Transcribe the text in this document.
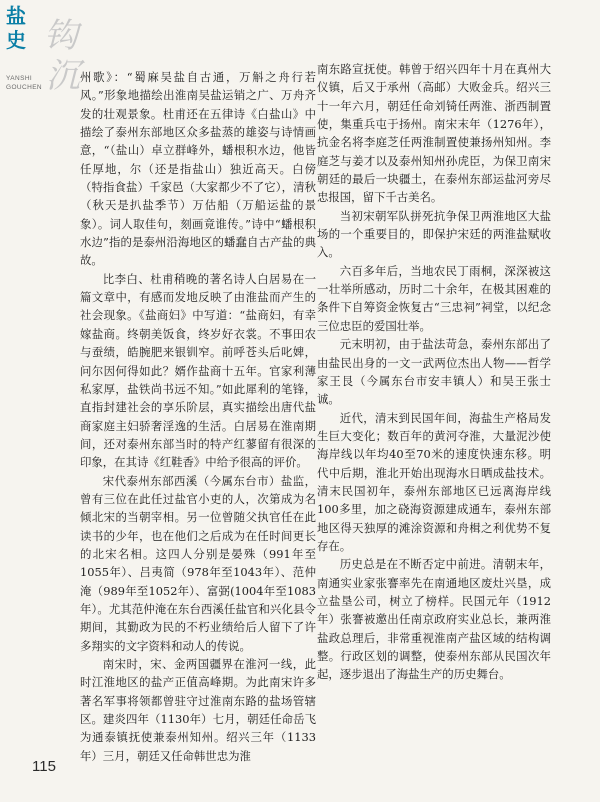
盐史 钩
沉
YANSHI
GOUCHEN

州歌》：“蜀麻吴盐自古通，万斛之舟行若风。”形象地描绘出淮南吴盐运销之广、万舟齐发的壮观景象。杜甫还在五律诗《白盐山》中描绘了泰州东部地区众多盐蒸的雄姿与诗情画意，“（盐山）卓立群峰外，蟠根积水边，他皆任厚地，尔（还是指盐山）独近高天。白傍（特指食盐）千家邑（大家都少不了它），清秋（秋天是扒盐季节）万估船（万船运盐的景象）。词人取佳句，刻画竟谁传。”诗中“蟠根积水边”指的是泰州沿海地区的蟠蠢自古产盐的典故。

比李白、杜甫稍晚的著名诗人白居易在一篇文章中，有感而发地反映了由淮盐而产生的社会现象。《盐商妇》中写道：“盐商妇，有幸嫁盐商。终朝美饭食，终岁好衣裳。不事田农与蚕绩，皓腕肥来银钏窄。前呼苍头后叱婢，问尔因何得如此？婿作盐商十五年。官家利薄私家厚，盐铁尚书远不知。”如此犀利的笔锋，直指封建社会的享乐阶层，真实描绘出唐代盐商家庭主妇骄奢淫逸的生活。白居易在淮南期间，还对泰州东部当时的特产红蓼留有很深的印象，在其诗《红鞋香》中给予很高的评价。

宋代泰州东部西溪（今属东台市）盐监，曾有三位在此任过盐官小吏的人，次第成为名倾北宋的当朝宰相。另一位曾随父执官任在此读书的少年，也在他们之后成为在任时间更长的北宋名相。这四人分别是晏殊（991年至1055年）、吕夷简（978年至1043年）、范仲淹（989年至1052年）、富弼(1004年至1083年）。尤其范仲淹在东台西溪任盐官和兴化县令期间，其勤政为民的不朽业绩给后人留下了许多翔实的文字资料和动人的传说。

南宋时，宋、金两国疆界在淮河一线，此时江淮地区的盐产正值高峰期。为此南宋许多著名军事将领都曾驻守过淮南东路的盐场管辖区。建炎四年（1130年）七月，朝廷任命岳飞为通泰镇抚使兼泰州知州。绍兴三年（1133年）三月，朝廷又任命韩世忠为淮

南东路宣抚使。韩曾于绍兴四年十月在真州大仪镇，后又于承州（高邮）大败金兵。绍兴三十一年六月，朝廷任命刘锜任两淮、浙西制置使，集重兵屯于扬州。南宋末年（1276年），抗金名将李庭芝任两淮制置使兼扬州知州。李庭芝与姜才以及泰州知州孙虎臣，为保卫南宋朝廷的最后一块疆土，在泰州东部运盐河旁尽忠报国，留下千古美名。

当初宋朝军队拼死抗争保卫两淮地区大盐场的一个重要目的，即保护宋廷的两淮盐赋收入。

六百多年后，当地农民丁雨桐，深深被这一壮举所感动，历时二十余年，在极其困难的条件下自筹资金恢复古“三忠祠”祠堂，以纪念三位忠臣的爱国壮举。

元末明初，由于盐法苛急，泰州东部出了由盐民出身的一文一武两位杰出人物——哲学家王艮（今属东台市安丰镇人）和吴王张士诚。

近代，清末到民国年间，海盐生产格局发生巨大变化；数百年的黄河夺淮，大量泥沙使海岸线以年均40至70米的速度快速东移。明代中后期，淮北开始出现海水日晒成盐技术。清末民国初年，泰州东部地区已远离海岸线100多里，加之硗海资源建成通车，泰州东部地区得天独厚的滩涂资源和舟楫之利优势不复存在。

历史总是在不断否定中前进。清朝末年，南通实业家张謇率先在南通地区废灶兴垦，成立盐垦公司，树立了榜样。民国元年（1912年）张謇被邀出任南京政府实业总长，兼两淮盐政总理后，非常重视淮南产盐区域的结构调整。行政区划的调整，使泰州东部从民国次年起，逐步退出了海盐生产的历史舞台。

115
